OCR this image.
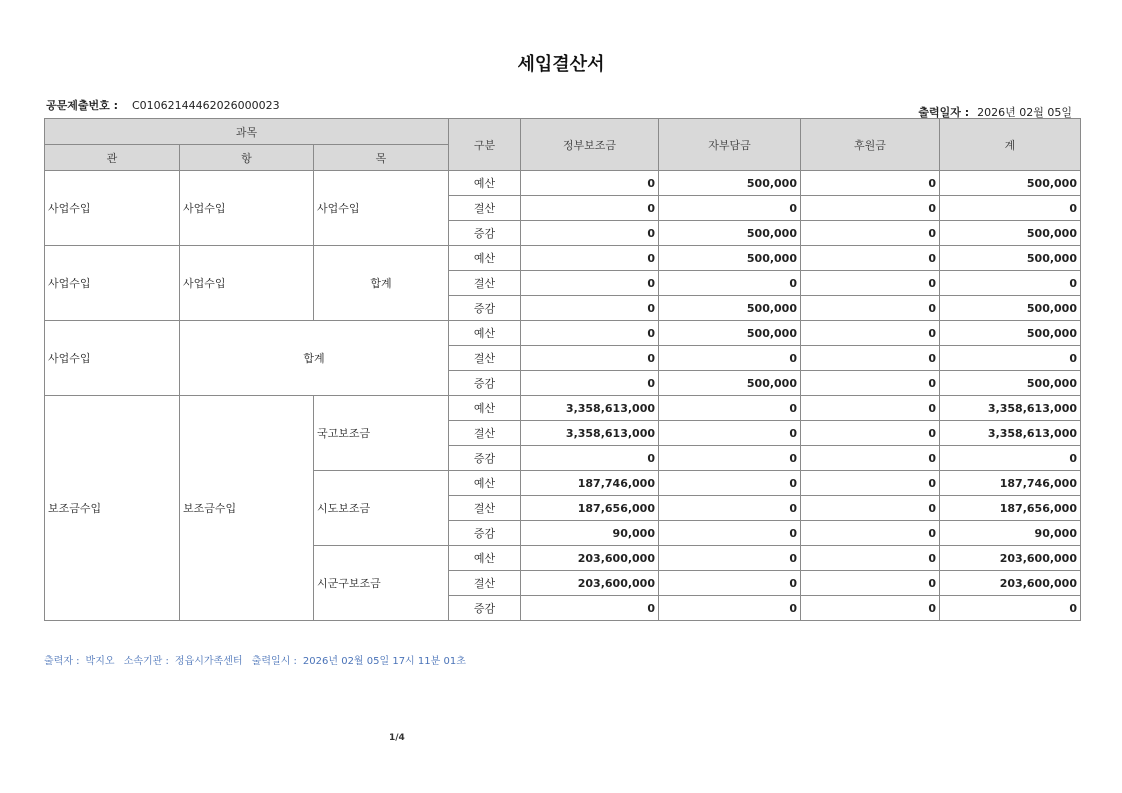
세입결산서
공문제출번호 : C01062144462026000023
출력일자 : 2026년 02월 05일
과목			구분	정부보조금	자부담금	후원금	계
관	항	목					
사업수입	사업수입	사업수입	예산	0	500,000	0	500,000
			결산	0	0	0	0
			증감	0	500,000	0	500,000
사업수입	사업수입	합계	예산	0	500,000	0	500,000
			결산	0	0	0	0
			증감	0	500,000	0	500,000
사업수입	합계		예산	0	500,000	0	500,000
			결산	0	0	0	0
			증감	0	500,000	0	500,000
보조금수입	보조금수입	국고보조금	예산	3,358,613,000	0	0	3,358,613,000
			결산	3,358,613,000	0	0	3,358,613,000
			증감	0	0	0	0
		시도보조금	예산	187,746,000	0	0	187,746,000
			결산	187,656,000	0	0	187,656,000
			증감	90,000	0	0	90,000
		시군구보조금	예산	203,600,000	0	0	203,600,000
			결산	203,600,000	0	0	203,600,000
			증감	0	0	0	0
출력자 : 박지오 소속기관 : 정읍시가족센터 출력일시 : 2026년 02월 05일 17시 11분 01초
1/4
